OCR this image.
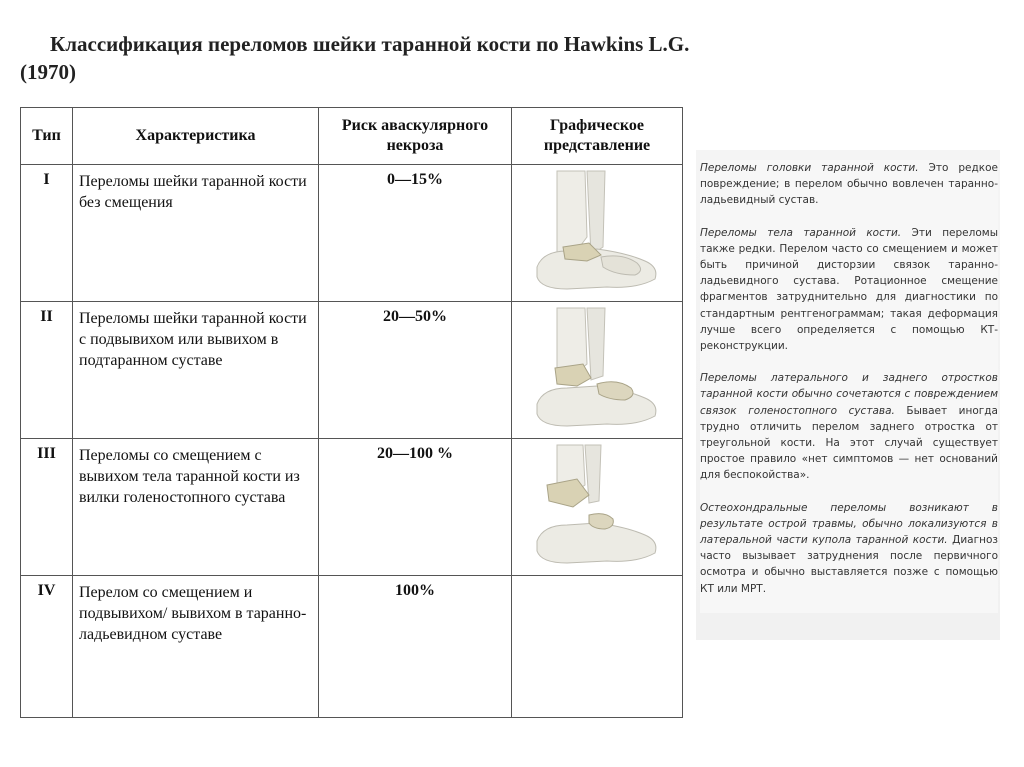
Классификация переломов шейки таранной кости по Hawkins L.G. (1970)
Тип	Характеристика	Риск аваскулярного некроза	Графическое представление
I	Переломы шейки таранной кости без смещения	0—15%	

II	Переломы шейки таранной кости с подвывихом или вывихом в подтаранном суставе	20—50%	

III	Переломы со смещением с вывихом тела таранной кости из вилки голеностопного сустава	20—100 %	

IV	Перелом со смещением и подвывихом/ вывихом в таранно-ладьевидном суставе	100%	

Переломы головки таранной кости. Это редкое повреждение; в перелом обычно вовлечен таранно-ладьевидный сустав.

Переломы тела таранной кости. Эти переломы также редки. Перелом часто со смещением и может быть причиной дисторзии связок таранно-ладьевидного сустава. Ротационное смещение фрагментов затруднительно для диагностики по стандартным рентгенограммам; такая деформация лучше всего определяется с помощью КТ- реконструкции.

Переломы латерального и заднего отростков таранной кости обычно сочетаются с повреждением связок голеностопного сустава. Бывает иногда трудно отличить перелом заднего отростка от треугольной кости. На этот случай существует простое правило «нет симптомов — нет оснований для беспокойства».

Остеохондральные переломы возникают в результате острой травмы, обычно локализуются в латеральной части купола таранной кости. Диагноз часто вызывает затруднения после первичного осмотра и обычно выставляется позже с помощью КТ или МРТ.
